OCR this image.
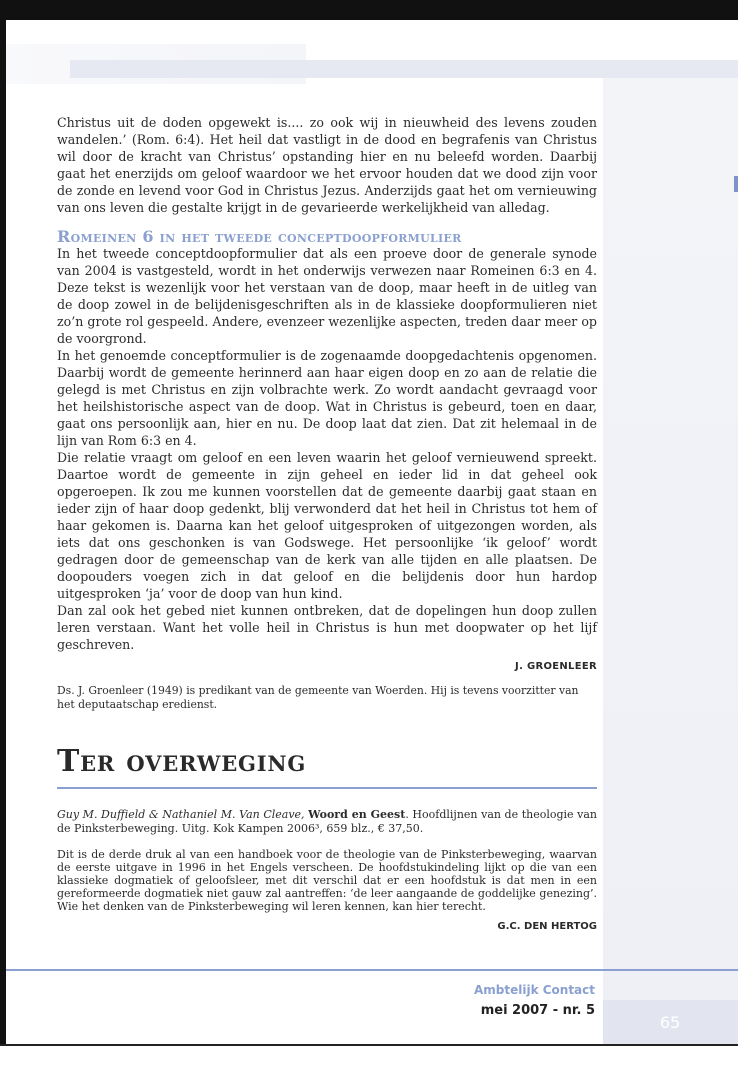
Christus uit de doden opgewekt is.... zo ook wij in nieuwheid des levens zouden wandelen.’ (Rom. 6:4). Het heil dat vastligt in de dood en begrafenis van Christus wil door de kracht van Christus’ opstanding hier en nu beleefd worden. Daarbij gaat het enerzijds om geloof waardoor we het ervoor houden dat we dood zijn voor de zonde en levend voor God in Christus Jezus. Anderzijds gaat het om vernieuwing van ons leven die gestalte krijgt in de gevarieerde werkelijkheid van alledag.

Romeinen 6 in het tweede conceptdoopformulier

In het tweede conceptdoopformulier dat als een proeve door de generale synode van 2004 is vastgesteld, wordt in het onderwijs verwezen naar Romeinen 6:3 en 4. Deze tekst is wezenlijk voor het verstaan van de doop, maar heeft in de uitleg van de doop zowel in de belijdenisgeschriften als in de klassieke doopformulieren niet zo’n grote rol gespeeld. Andere, evenzeer wezenlijke aspecten, treden daar meer op de voorgrond.

In het genoemde conceptformulier is de zogenaamde doopgedachtenis opgenomen. Daarbij wordt de gemeente herinnerd aan haar eigen doop en zo aan de relatie die gelegd is met Christus en zijn volbrachte werk. Zo wordt aandacht gevraagd voor het heilshistorische aspect van de doop. Wat in Christus is gebeurd, toen en daar, gaat ons persoonlijk aan, hier en nu. De doop laat dat zien. Dat zit helemaal in de lijn van Rom 6:3 en 4.

Die relatie vraagt om geloof en een leven waarin het geloof vernieuwend spreekt. Daartoe wordt de gemeente in zijn geheel en ieder lid in dat geheel ook opgeroepen. Ik zou me kunnen voorstellen dat de gemeente daarbij gaat staan en ieder zijn of haar doop gedenkt, blij verwonderd dat het heil in Christus tot hem of haar gekomen is. Daarna kan het geloof uitgesproken of uitgezongen worden, als iets dat ons geschonken is van Godswege. Het persoonlijke ‘ik geloof’ wordt gedragen door de gemeenschap van de kerk van alle tijden en alle plaatsen. De doopouders voegen zich in dat geloof en die belijdenis door hun hardop uitgesproken ‘ja’ voor de doop van hun kind.

Dan zal ook het gebed niet kunnen ontbreken, dat de dopelingen hun doop zullen leren verstaan. Want het volle heil in Christus is hun met doopwater op het lijf geschreven.

J. GROENLEER

Ds. J. Groenleer (1949) is predikant van de gemeente van Woerden. Hij is tevens voorzitter van het deputaatschap eredienst.

Ter overweging

Guy M. Duffield & Nathaniel M. Van Cleave, Woord en Geest. Hoofdlijnen van de theologie van de Pinksterbeweging. Uitg. Kok Kampen 2006³, 659 blz., € 37,50.

Dit is de derde druk al van een handboek voor de theologie van de Pinksterbeweging, waarvan de eerste uitgave in 1996 in het Engels verscheen. De hoofdstukindeling lijkt op die van een klassieke dogmatiek of geloofsleer, met dit verschil dat er een hoofdstuk is dat men in een gereformeerde dogmatiek niet gauw zal aantreffen: ‘de leer aangaande de goddelijke genezing’. Wie het denken van de Pinksterbeweging wil leren kennen, kan hier terecht.

G.C. DEN HERTOG

Ambtelijk Contact
mei 2007 - nr. 5
65
